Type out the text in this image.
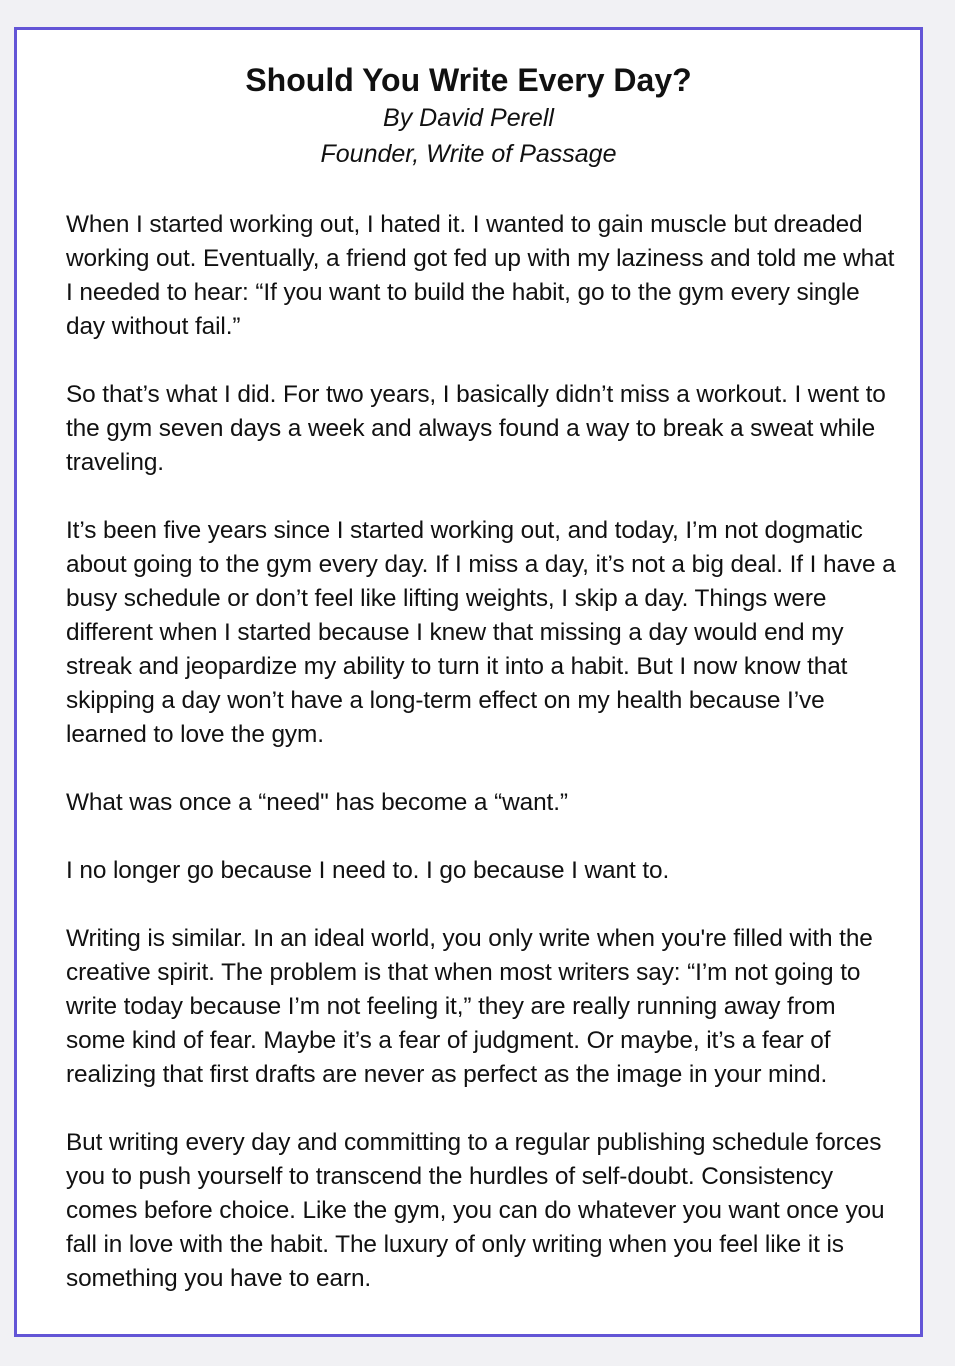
Should You Write Every Day?

By David Perell

Founder, Write of Passage

When I started working out, I hated it. I wanted to gain muscle but dreaded working out. Eventually, a friend got fed up with my laziness and told me what I needed to hear: “If you want to build the habit, go to the gym every single day without fail.”

So that’s what I did. For two years, I basically didn’t miss a workout. I went to the gym seven days a week and always found a way to break a sweat while traveling.

It’s been five years since I started working out, and today, I’m not dogmatic about going to the gym every day. If I miss a day, it’s not a big deal. If I have a busy schedule or don’t feel like lifting weights, I skip a day. Things were different when I started because I knew that missing a day would end my streak and jeopardize my ability to turn it into a habit. But I now know that skipping a day won’t have a long-term effect on my health because I’ve learned to love the gym.

What was once a “need" has become a “want.”

I no longer go because I need to. I go because I want to.

Writing is similar. In an ideal world, you only write when you're filled with the creative spirit. The problem is that when most writers say: “I’m not going to write today because I’m not feeling it,” they are really running away from some kind of fear. Maybe it’s a fear of judgment. Or maybe, it’s a fear of realizing that first drafts are never as perfect as the image in your mind.

But writing every day and committing to a regular publishing schedule forces you to push yourself to transcend the hurdles of self-doubt. Consistency comes before choice. Like the gym, you can do whatever you want once you fall in love with the habit. The luxury of only writing when you feel like it is something you have to earn.
